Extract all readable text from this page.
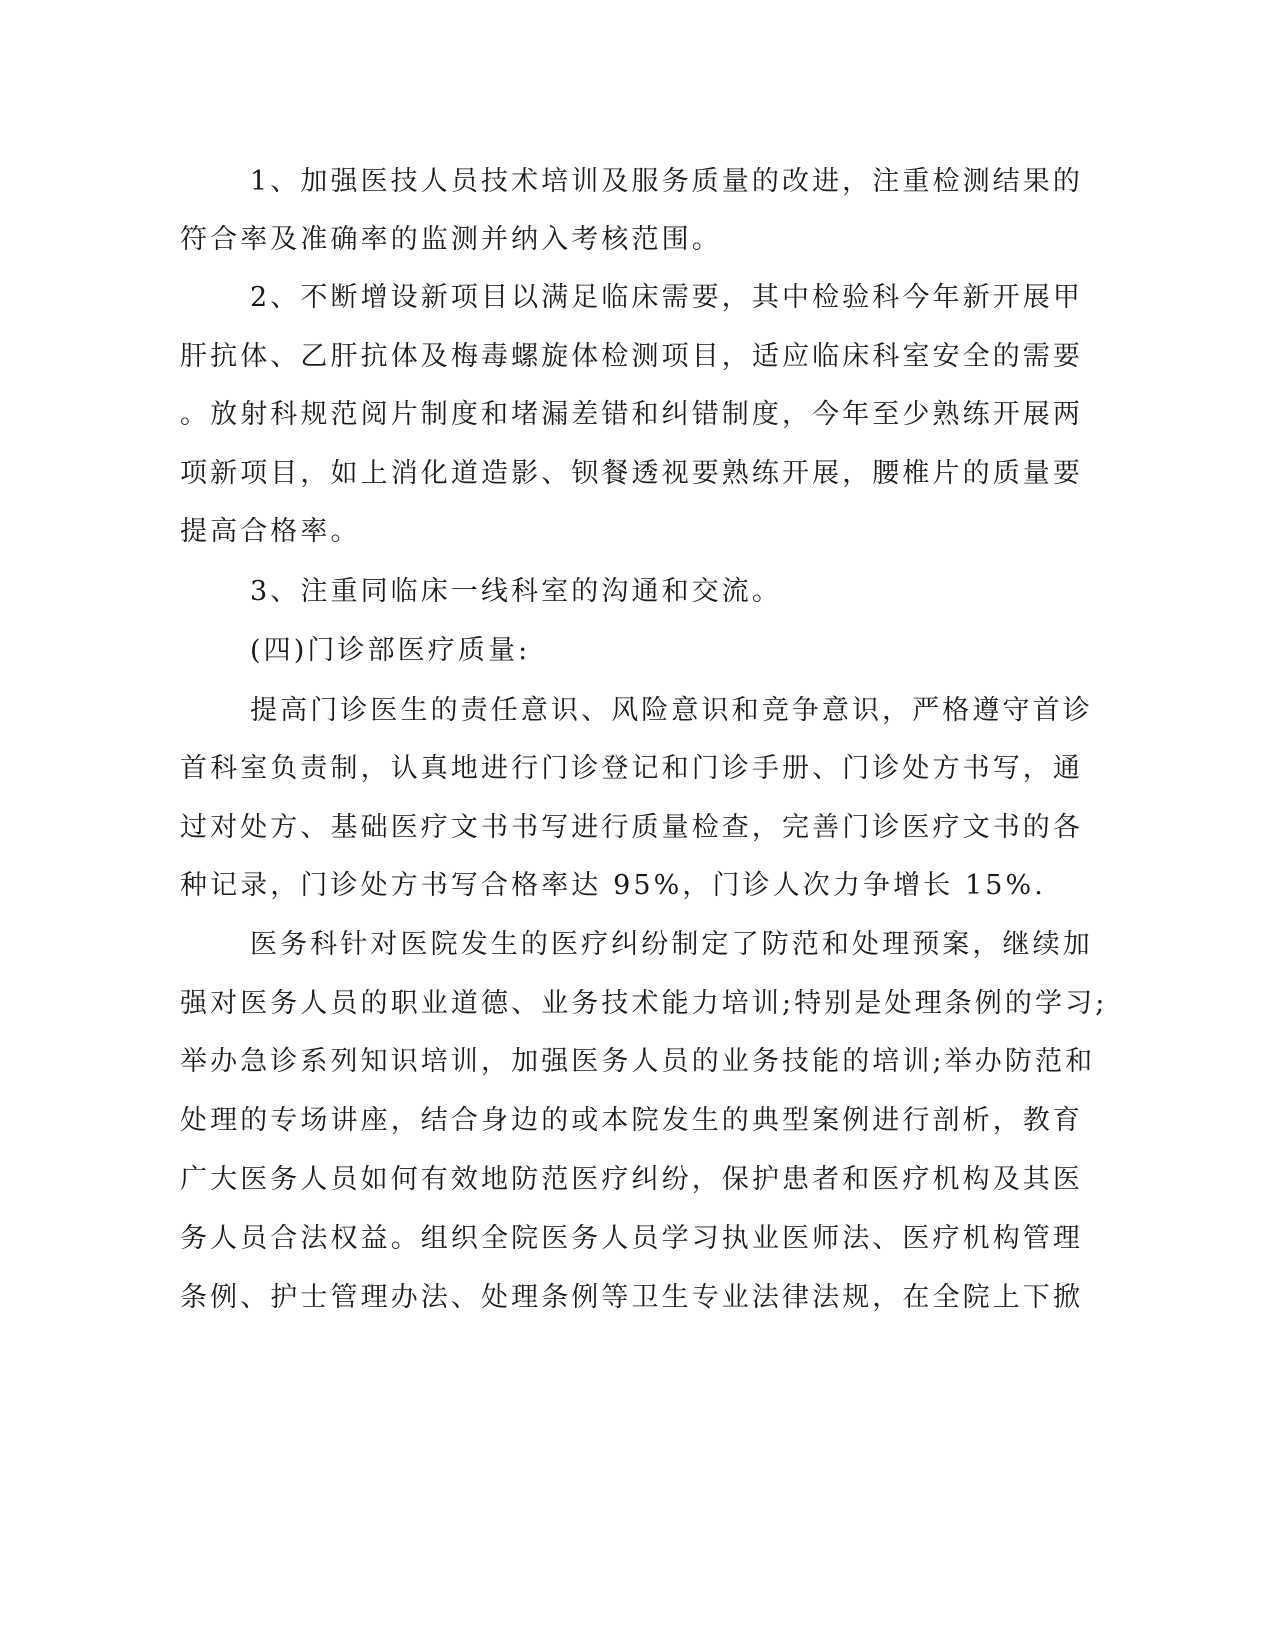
1、加强医技人员技术培训及服务质量的改进，注重检测结果的

符合率及准确率的监测并纳入考核范围。

2、不断增设新项目以满足临床需要，其中检验科今年新开展甲

肝抗体、乙肝抗体及梅毒螺旋体检测项目，适应临床科室安全的需要

。放射科规范阅片制度和堵漏差错和纠错制度，今年至少熟练开展两

项新项目，如上消化道造影、钡餐透视要熟练开展，腰椎片的质量要

提高合格率。

3、注重同临床一线科室的沟通和交流。

(四)门诊部医疗质量:

提高门诊医生的责任意识、风险意识和竞争意识，严格遵守首诊

首科室负责制，认真地进行门诊登记和门诊手册、门诊处方书写，通

过对处方、基础医疗文书书写进行质量检查，完善门诊医疗文书的各

种记录，门诊处方书写合格率达 95%，门诊人次力争增长 15%.

医务科针对医院发生的医疗纠纷制定了防范和处理预案，继续加

强对医务人员的职业道德、业务技术能力培训;特别是处理条例的学习;

举办急诊系列知识培训，加强医务人员的业务技能的培训;举办防范和

处理的专场讲座，结合身边的或本院发生的典型案例进行剖析，教育

广大医务人员如何有效地防范医疗纠纷，保护患者和医疗机构及其医

务人员合法权益。组织全院医务人员学习执业医师法、医疗机构管理

条例、护士管理办法、处理条例等卫生专业法律法规，在全院上下掀
